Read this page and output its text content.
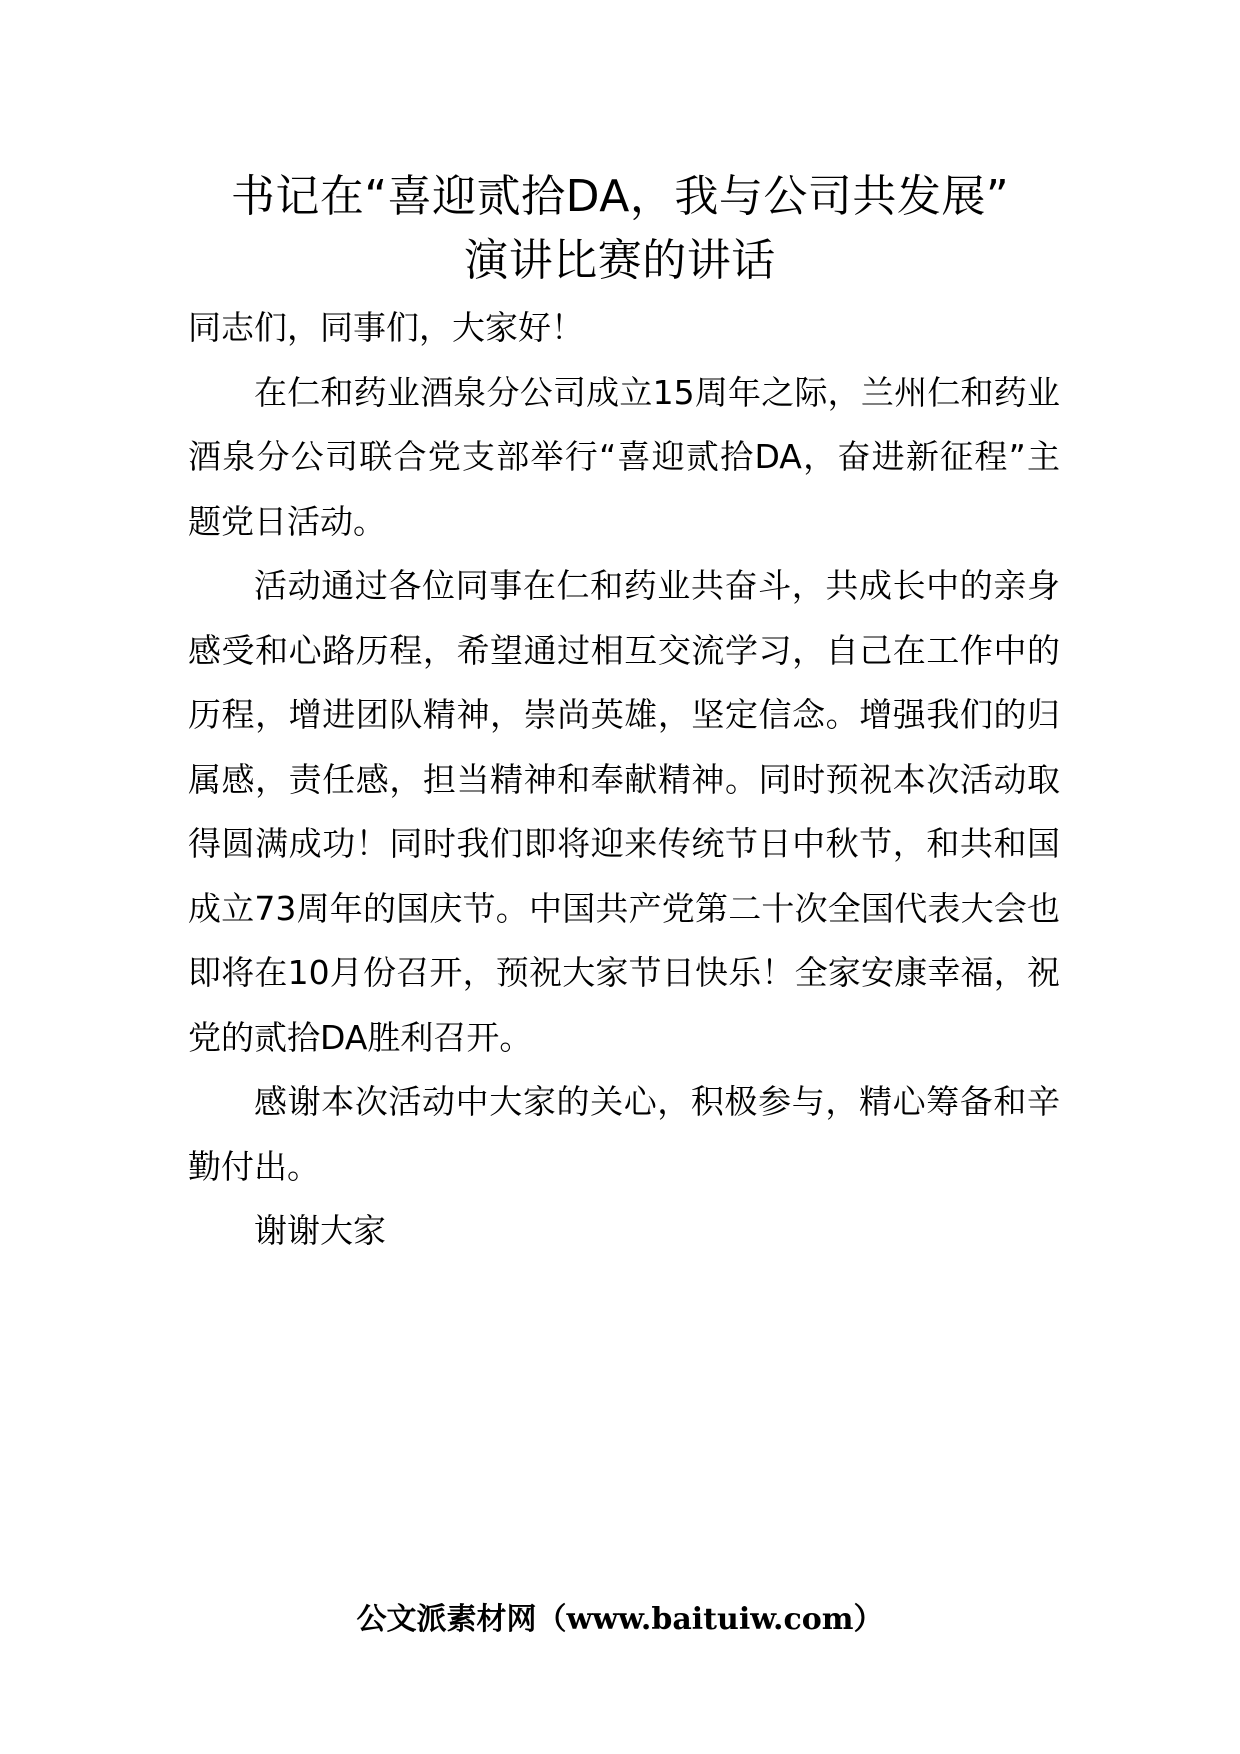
书记在“喜迎贰拾DA，我与公司共发展”
演讲比赛的讲话

同志们，同事们，大家好！

在仁和药业酒泉分公司成立15周年之际，兰州仁和药业酒泉分公司联合党支部举行“喜迎贰拾DA，奋进新征程”主题党日活动。

活动通过各位同事在仁和药业共奋斗，共成长中的亲身感受和心路历程，希望通过相互交流学习，自己在工作中的历程，增进团队精神，崇尚英雄，坚定信念。增强我们的归属感，责任感，担当精神和奉献精神。同时预祝本次活动取得圆满成功！同时我们即将迎来传统节日中秋节，和共和国成立73周年的国庆节。中国共产党第二十次全国代表大会也即将在10月份召开，预祝大家节日快乐！全家安康幸福，祝党的贰拾DA胜利召开。

感谢本次活动中大家的关心，积极参与，精心筹备和辛勤付出。

谢谢大家

公文派素材网（www.baituiw.com）
